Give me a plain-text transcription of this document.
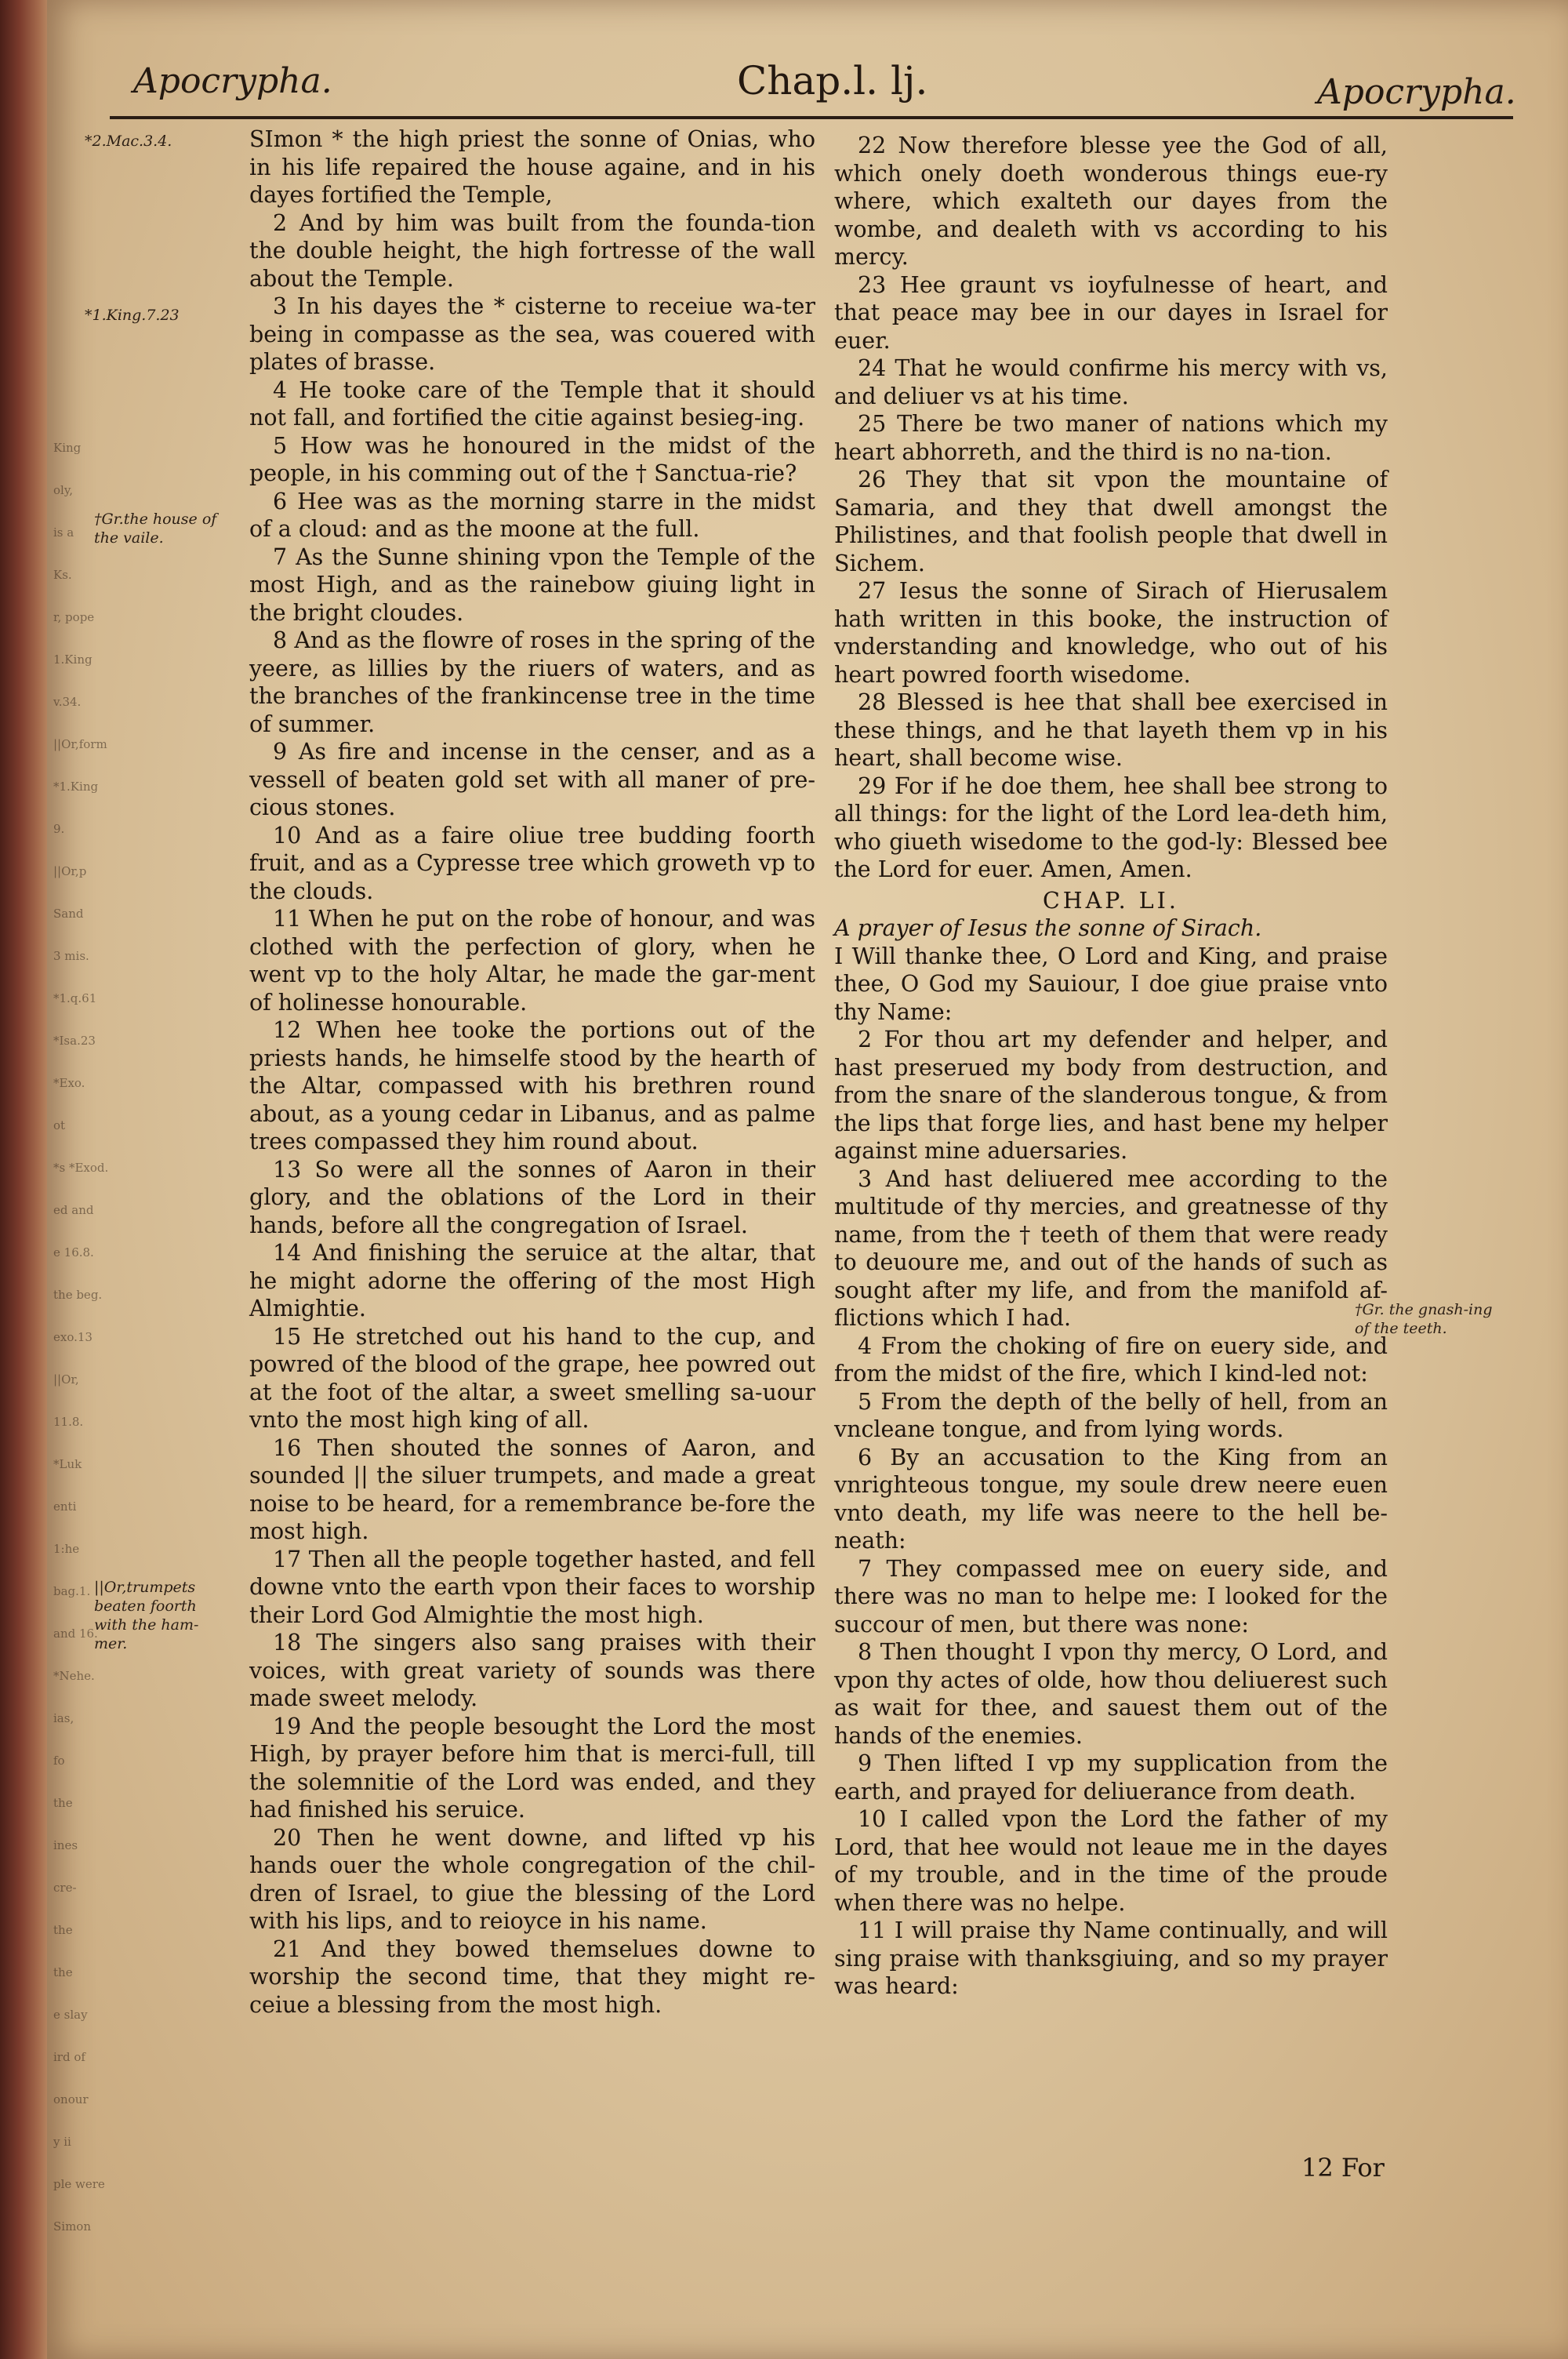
King
oly,
is a
Ks.
r, pope
1.King
v.34.
||Or,form
*1.King
9.
||Or,p
Sand
3 mis.
*1.q.61
*Isa.23
*Exo.
ot
*s *Exod.
ed and
e 16.8.
the beg.
exo.13
||Or,
11.8.
*Luk
enti
1:he
bag.1.
and 16.
*Nehe.
ias,
fo
the
ines
cre-
the
the
e slay
ird of
onour
y ii
ple were
Simon
Apocrypha.	Chap.l. lj.	Apocrypha.
*2.Mac.3.4.
*1.King.7.23
†Gr.the house of the vaile.
||Or,trumpets beaten foorth with the ham-mer.
†Gr. the gnash-ing of the teeth.

SImon * the high priest the sonne of Onias, who in his life repaired the house againe, and in his dayes fortified the Temple,

2 And by him was built from the founda-tion the double height, the high fortresse of the wall about the Temple.

3 In his dayes the * cisterne to receiue wa-ter being in compasse as the sea, was couered with plates of brasse.

4 He tooke care of the Temple that it should not fall, and fortified the citie against besieg-ing.

5 How was he honoured in the midst of the people, in his comming out of the † Sanctua-rie?

6 Hee was as the morning starre in the midst of a cloud: and as the moone at the full.

7 As the Sunne shining vpon the Temple of the most High, and as the rainebow giuing light in the bright cloudes.

8 And as the flowre of roses in the spring of the yeere, as lillies by the riuers of waters, and as the branches of the frankincense tree in the time of summer.

9 As fire and incense in the censer, and as a vessell of beaten gold set with all maner of pre-cious stones.

10 And as a faire oliue tree budding foorth fruit, and as a Cypresse tree which groweth vp to the clouds.

11 When he put on the robe of honour, and was clothed with the perfection of glory, when he went vp to the holy Altar, he made the gar-ment of holinesse honourable.

12 When hee tooke the portions out of the priests hands, he himselfe stood by the hearth of the Altar, compassed with his brethren round about, as a young cedar in Libanus, and as palme trees compassed they him round about.

13 So were all the sonnes of Aaron in their glory, and the oblations of the Lord in their hands, before all the congregation of Israel.

14 And finishing the seruice at the altar, that he might adorne the offering of the most High Almightie.

15 He stretched out his hand to the cup, and powred of the blood of the grape, hee powred out at the foot of the altar, a sweet smelling sa-uour vnto the most high king of all.

16 Then shouted the sonnes of Aaron, and sounded || the siluer trumpets, and made a great noise to be heard, for a remembrance be-fore the most high.

17 Then all the people together hasted, and fell downe vnto the earth vpon their faces to worship their Lord God Almightie the most high.

18 The singers also sang praises with their voices, with great variety of sounds was there made sweet melody.

19 And the people besought the Lord the most High, by prayer before him that is merci-full, till the solemnitie of the Lord was ended, and they had finished his seruice.

20 Then he went downe, and lifted vp his hands ouer the whole congregation of the chil-dren of Israel, to giue the blessing of the Lord with his lips, and to reioyce in his name.

21 And they bowed themselues downe to worship the second time, that they might re-ceiue a blessing from the most high.

22 Now therefore blesse yee the God of all, which onely doeth wonderous things eue-ry where, which exalteth our dayes from the wombe, and dealeth with vs according to his mercy.

23 Hee graunt vs ioyfulnesse of heart, and that peace may bee in our dayes in Israel for euer.

24 That he would confirme his mercy with vs, and deliuer vs at his time.

25 There be two maner of nations which my heart abhorreth, and the third is no na-tion.

26 They that sit vpon the mountaine of Samaria, and they that dwell amongst the Philistines, and that foolish people that dwell in Sichem.

27 Iesus the sonne of Sirach of Hierusalem hath written in this booke, the instruction of vnderstanding and knowledge, who out of his heart powred foorth wisedome.

28 Blessed is hee that shall bee exercised in these things, and he that layeth them vp in his heart, shall become wise.

29 For if he doe them, hee shall bee strong to all things: for the light of the Lord lea-deth him, who giueth wisedome to the god-ly: Blessed bee the Lord for euer. Amen, Amen.

CHAP. LI.

A prayer of Iesus the sonne of Sirach.

I Will thanke thee, O Lord and King, and praise thee, O God my Sauiour, I doe giue praise vnto thy Name:

2 For thou art my defender and helper, and hast preserued my body from destruction, and from the snare of the slanderous tongue, & from the lips that forge lies, and hast bene my helper against mine aduersaries.

3 And hast deliuered mee according to the multitude of thy mercies, and greatnesse of thy name, from the † teeth of them that were ready to deuoure me, and out of the hands of such as sought after my life, and from the manifold af-flictions which I had.

4 From the choking of fire on euery side, and from the midst of the fire, which I kind-led not:

5 From the depth of the belly of hell, from an vncleane tongue, and from lying words.

6 By an accusation to the King from an vnrighteous tongue, my soule drew neere euen vnto death, my life was neere to the hell be-neath:

7 They compassed mee on euery side, and there was no man to helpe me: I looked for the succour of men, but there was none:

8 Then thought I vpon thy mercy, O Lord, and vpon thy actes of olde, how thou deliuerest such as wait for thee, and sauest them out of the hands of the enemies.

9 Then lifted I vp my supplication from the earth, and prayed for deliuerance from death.

10 I called vpon the Lord the father of my Lord, that hee would not leaue me in the dayes of my trouble, and in the time of the proude when there was no helpe.

11 I will praise thy Name continually, and will sing praise with thanksgiuing, and so my prayer was heard:

12 For
